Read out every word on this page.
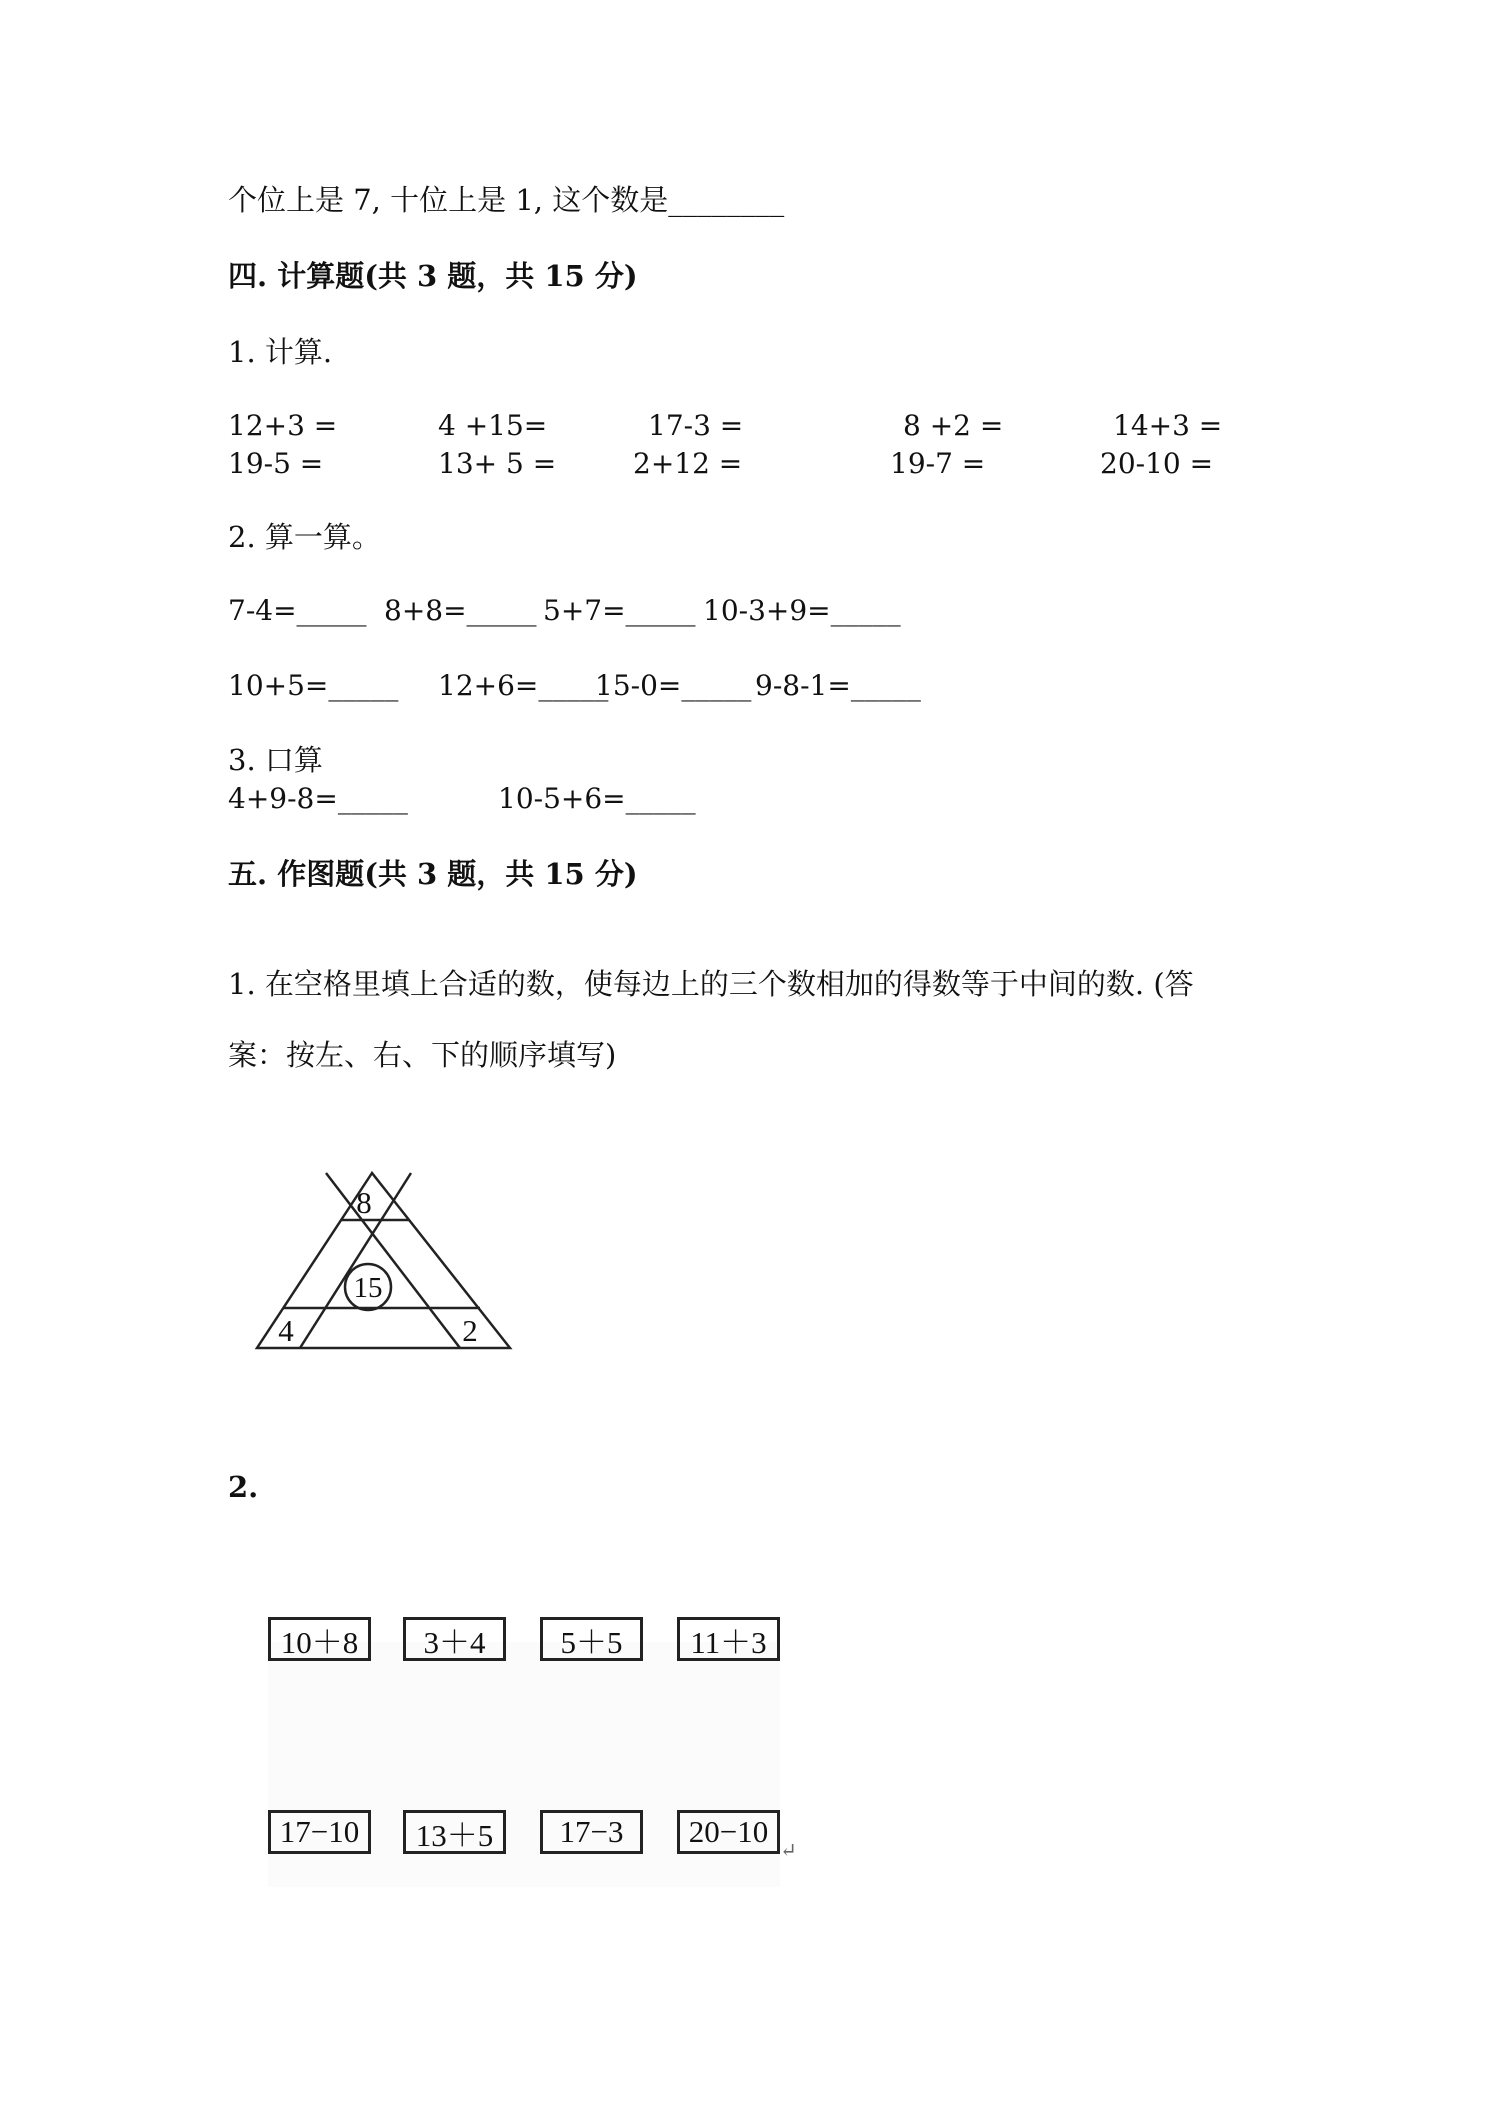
个位上是 7, 十位上是 1, 这个数是________
四. 计算题(共 3 题，共 15 分)
1. 计算.
12+3 =	4 +15=	17-3 =	8 +2 =	14+3 =
19-5 =	13+ 5 =	2+12 =	19-7 =	20-10 =
2. 算一算。
7-4=_____ 8+8=_____ 5+7=_____ 10-3+9=_____
10+5=_____ 12+6=_____
15-0=_____ 9-8-1=_____
3. 口算
4+9-8=_____	10-5+6=_____
五. 作图题(共 3 题，共 15 分)
1. 在空格里填上合适的数，使每边上的三个数相加的得数等于中间的数. (答
案：按左、右、下的顺序填写)
8
15
4	2
2.
10＋8	3＋4	5＋5	11＋3
17−10	13＋5	17−3	20−10
↵
